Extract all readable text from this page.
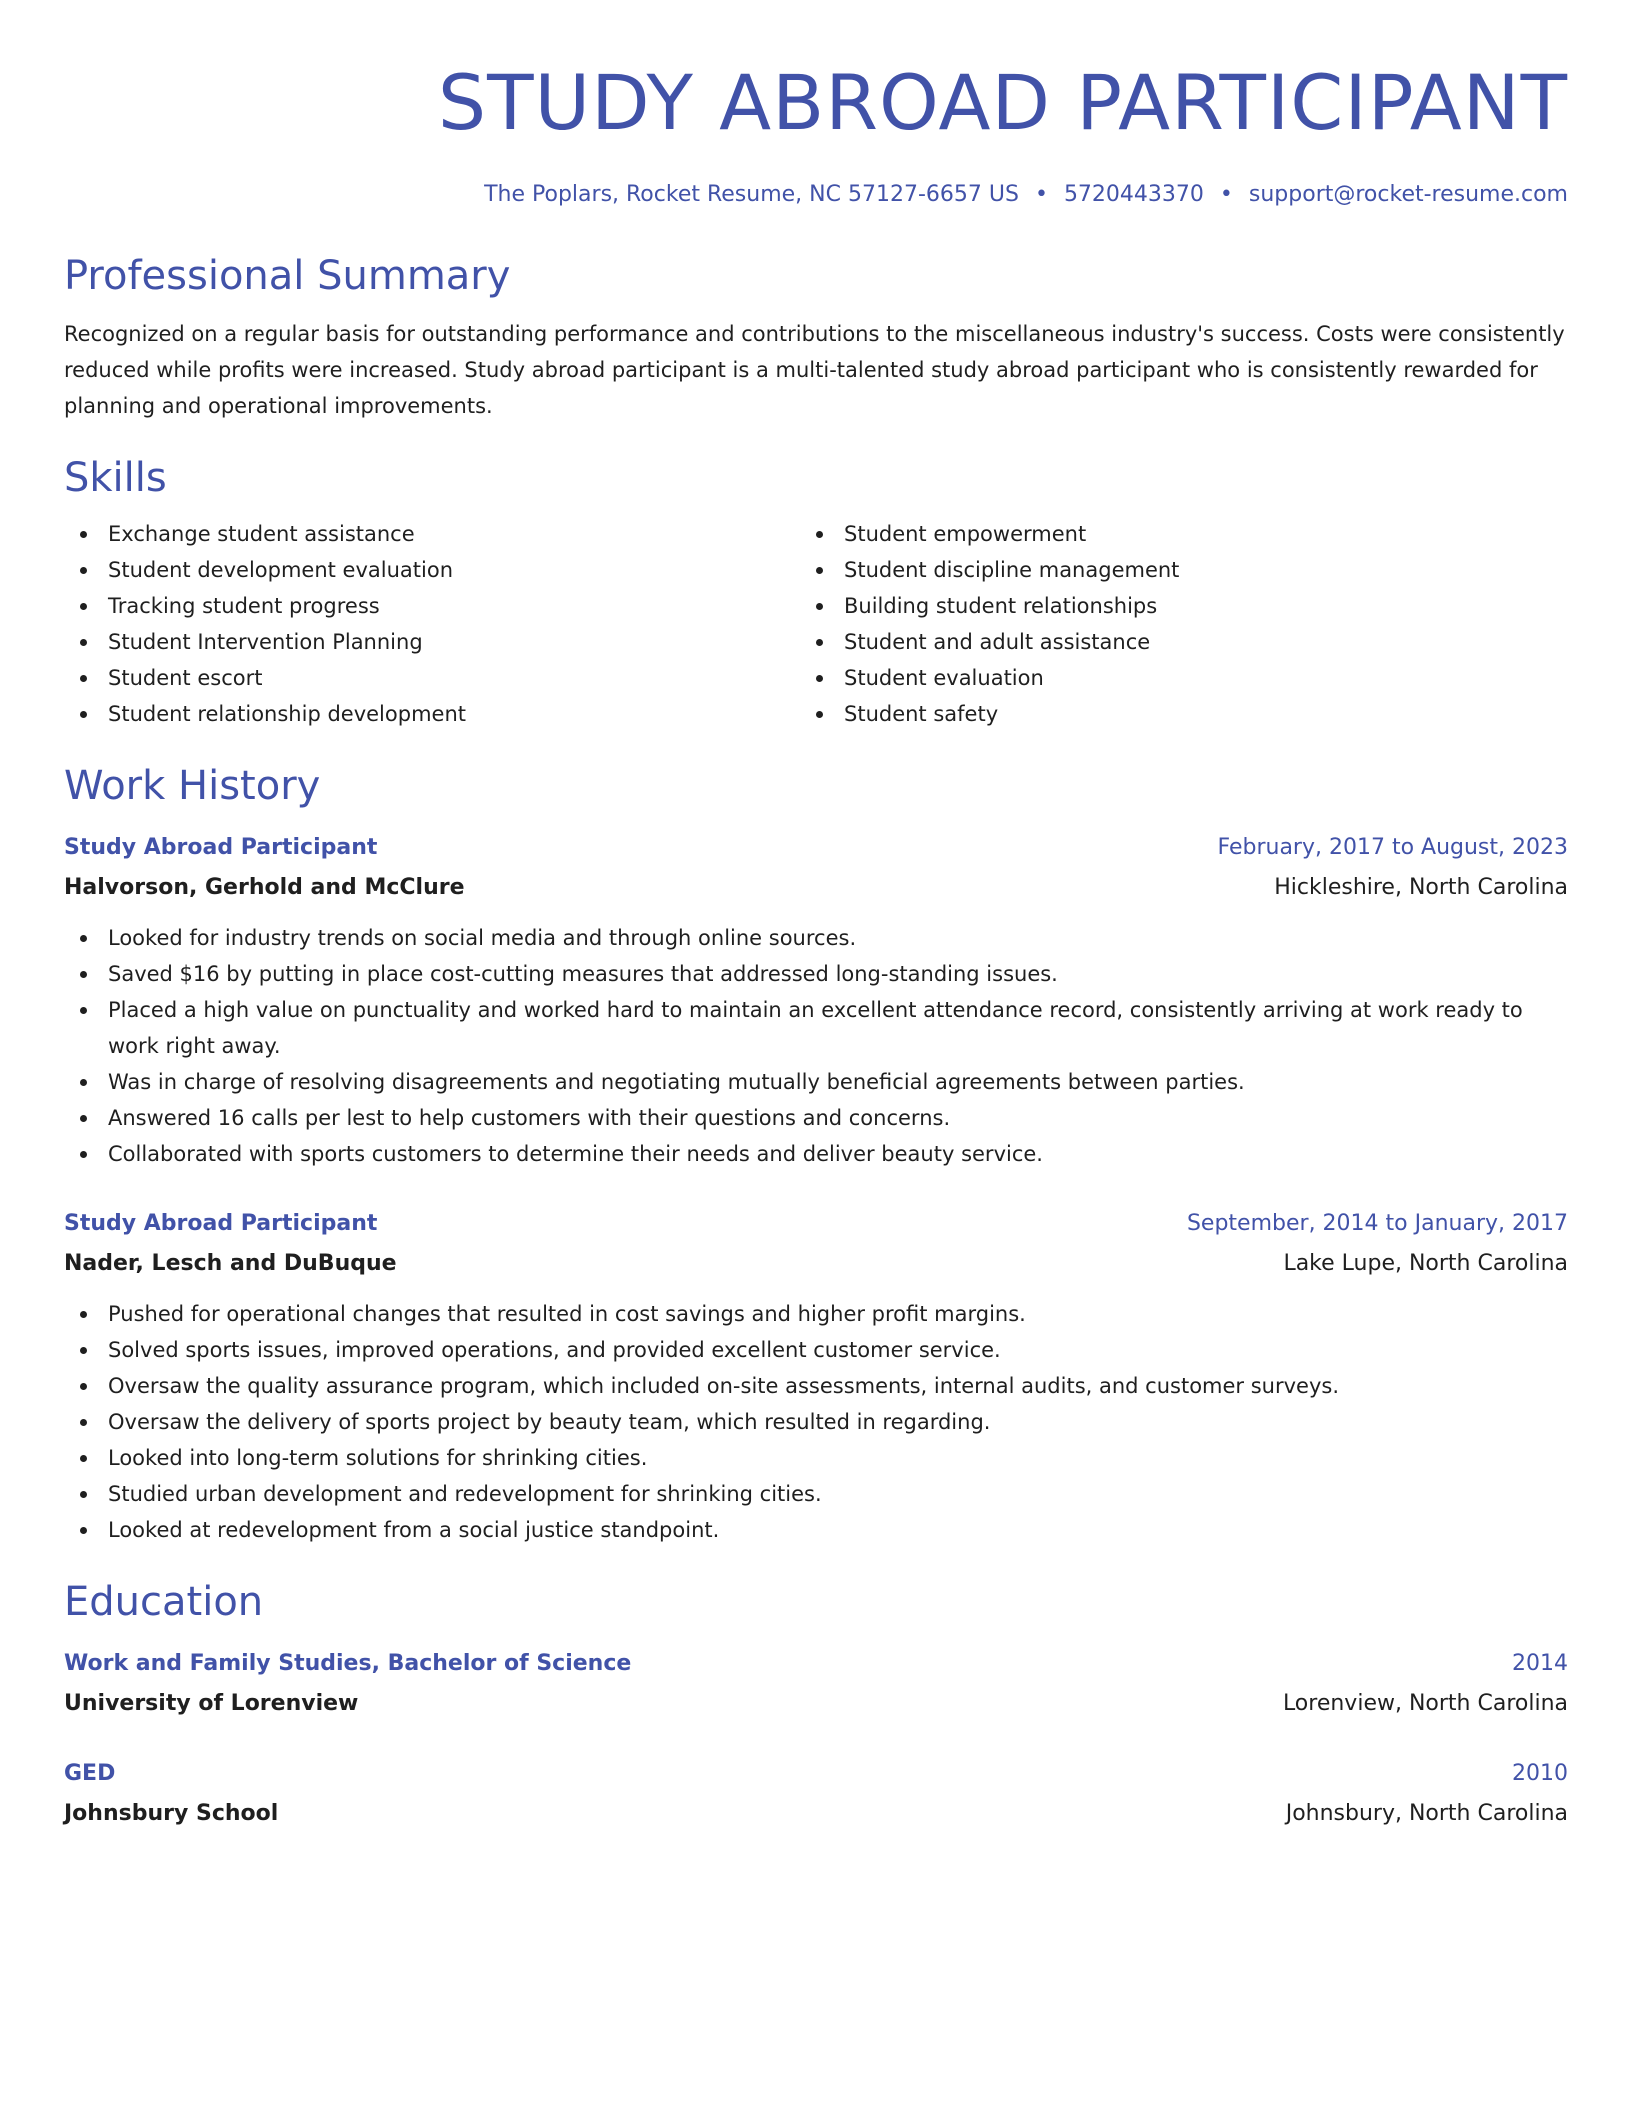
STUDY ABROAD PARTICIPANT
The Poplars, Rocket Resume, NC 57127-6657 US • 5720443370 • support@rocket-resume.com
Professional Summary

Recognized on a regular basis for outstanding performance and contributions to the miscellaneous industry's success. Costs were consistently reduced while profits were increased. Study abroad participant is a multi-talented study abroad participant who is consistently rewarded for planning and operational improvements.

Skills
Exchange student assistance
Student development evaluation
Tracking student progress
Student Intervention Planning
Student escort
Student relationship development
Student empowerment
Student discipline management
Building student relationships
Student and adult assistance
Student evaluation
Student safety
Work History
Study Abroad Participant	February, 2017 to August, 2023
Halvorson, Gerhold and McClure	Hickleshire, North Carolina
Looked for industry trends on social media and through online sources.
Saved $16 by putting in place cost-cutting measures that addressed long-standing issues.
Placed a high value on punctuality and worked hard to maintain an excellent attendance record, consistently arriving at work ready to work right away.
Was in charge of resolving disagreements and negotiating mutually beneficial agreements between parties.
Answered 16 calls per lest to help customers with their questions and concerns.
Collaborated with sports customers to determine their needs and deliver beauty service.
Study Abroad Participant	September, 2014 to January, 2017
Nader, Lesch and DuBuque	Lake Lupe, North Carolina
Pushed for operational changes that resulted in cost savings and higher profit margins.
Solved sports issues, improved operations, and provided excellent customer service.
Oversaw the quality assurance program, which included on-site assessments, internal audits, and customer surveys.
Oversaw the delivery of sports project by beauty team, which resulted in regarding.
Looked into long-term solutions for shrinking cities.
Studied urban development and redevelopment for shrinking cities.
Looked at redevelopment from a social justice standpoint.
Education
Work and Family Studies, Bachelor of Science	2014
University of Lorenview	Lorenview, North Carolina
GED	2010
Johnsbury School	Johnsbury, North Carolina
